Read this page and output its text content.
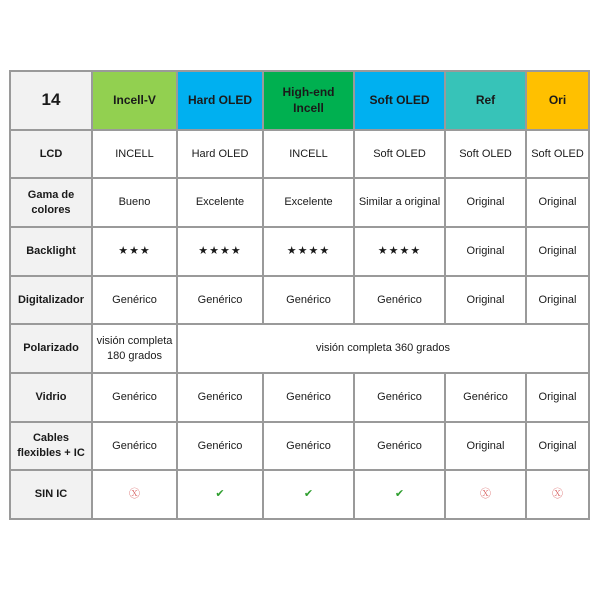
14	Incell-V	Hard OLED	High-end Incell	Soft OLED	Ref	Ori
LCD	INCELL	Hard OLED	INCELL	Soft OLED	Soft OLED	Soft OLED
Gama de colores	Bueno	Excelente	Excelente	Similar a original	Original	Original
Backlight	★★★	★★★★	★★★★	★★★★	Original	Original
Digitalizador	Genérico	Genérico	Genérico	Genérico	Original	Original
Polarizado	visión completa 180 grados	visión completa 360 grados				
Vidrio	Genérico	Genérico	Genérico	Genérico	Genérico	Original
Cables flexibles + IC	Genérico	Genérico	Genérico	Genérico	Original	Original
SIN IC	Ⓧ	✔	✔	✔	Ⓧ	Ⓧ
